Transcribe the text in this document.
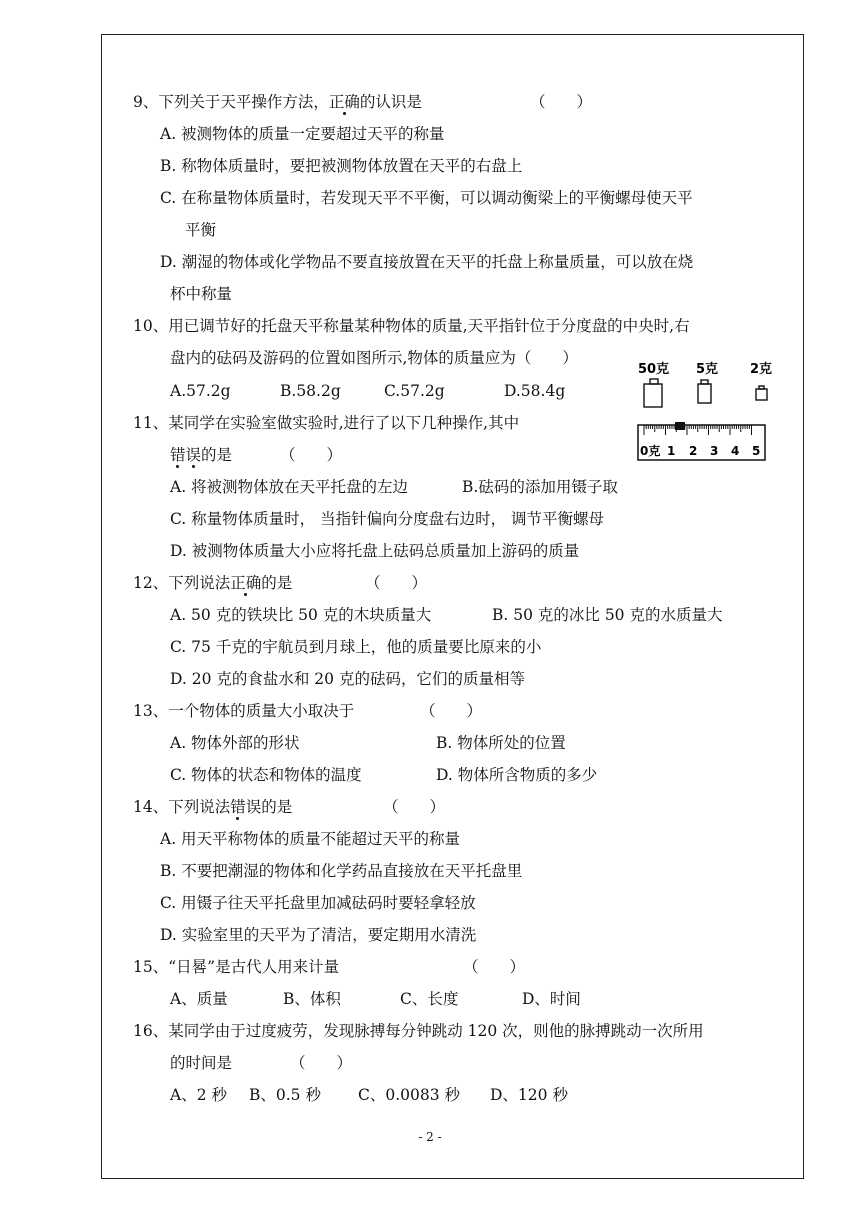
9、下列关于天平操作方法，正确的认识是	（　　）
A. 被测物体的质量一定要超过天平的称量
B. 称物体质量时，要把被测物体放置在天平的右盘上
C. 在称量物体质量时，若发现天平不平衡，可以调动衡梁上的平衡螺母使天平
平衡
D. 潮湿的物体或化学物品不要直接放置在天平的托盘上称量质量，可以放在烧
杯中称量
10、用已调节好的托盘天平称量某种物体的质量,天平指针位于分度盘的中央时,右
盘内的砝码及游码的位置如图所示,物体的质量应为（　　）
A.57.2g	B.58.2g	C.57.2g	D.58.4g
50克 5克 2克
0克 1 2 3 4 5
11、某同学在实验室做实验时,进行了以下几种操作,其中
错误的是	（　　）
A. 将被测物体放在天平托盘的左边	B.砝码的添加用镊子取
C. 称量物体质量时， 当指针偏向分度盘右边时， 调节平衡螺母
D. 被测物体质量大小应将托盘上砝码总质量加上游码的质量
12、下列说法正确的是	（　　）
A. 50 克的铁块比 50 克的木块质量大	B. 50 克的冰比 50 克的水质量大
C. 75 千克的宇航员到月球上，他的质量要比原来的小
D. 20 克的食盐水和 20 克的砝码，它们的质量相等
13、一个物体的质量大小取决于	（　　）
A. 物体外部的形状	B. 物体所处的位置
C. 物体的状态和物体的温度	D. 物体所含物质的多少
14、下列说法错误的是	（　　）
A. 用天平称物体的质量不能超过天平的称量
B. 不要把潮湿的物体和化学药品直接放在天平托盘里
C. 用镊子往天平托盘里加减砝码时要轻拿轻放
D. 实验室里的天平为了清洁，要定期用水清洗
15、“日晷”是古代人用来计量	（　　）
A、质量	B、体积	C、长度	D、时间
16、某同学由于过度疲劳，发现脉搏每分钟跳动 120 次，则他的脉搏跳动一次所用
的时间是	（　　）
A、2 秒 B、0.5 秒 C、0.0083 秒 D、120 秒
- 2 -
